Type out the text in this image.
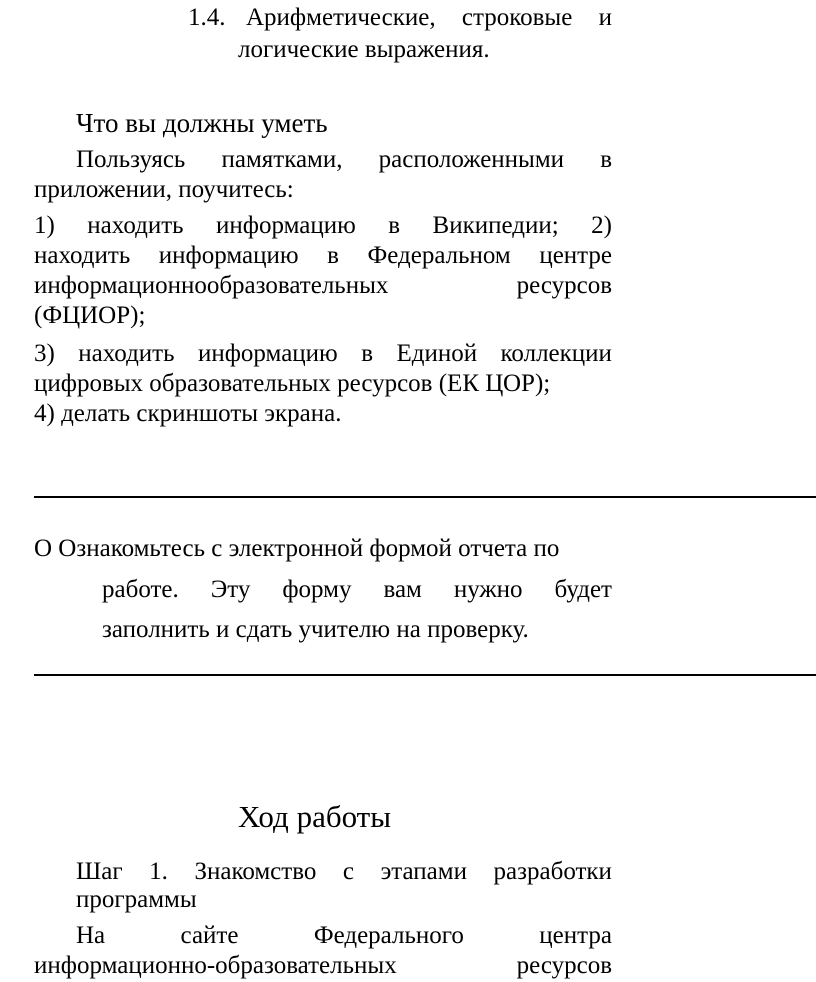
1.4. Арифметические, строковые и
логические выражения.
Что вы должны уметь
Пользуясь памятками, расположенными в
приложении, поучитесь:
1) находить информацию в Википедии; 2)
находить информацию в Федеральном центре
информационнообразовательных	ресурсов
(ФЦИОР);
3) находить информацию в Единой коллекции
цифровых образовательных ресурсов (ЕК ЦОР);
4) делать скриншоты экрана.
О Ознакомьтесь с электронной формой отчета по
работе. Эту форму вам нужно будет
заполнить и сдать учителю на проверку.
Ход работы
Шаг 1. Знакомство с этапами разработки
программы
На	сайте	Федерального	центра
информационно-образовательных	ресурсов
